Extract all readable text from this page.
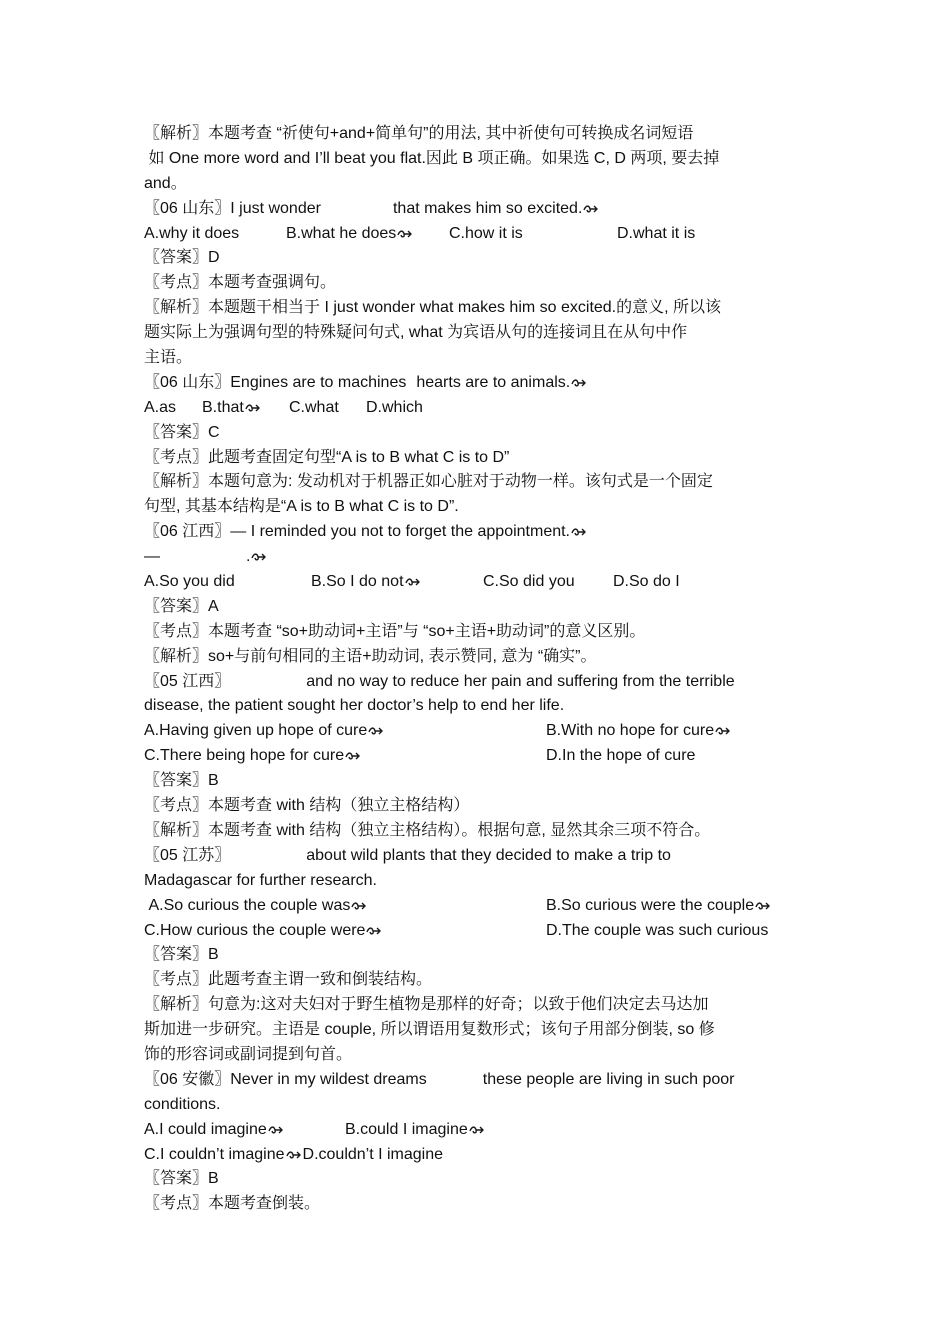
〖解析〗本题考查 “祈使句+and+简单句”的用法, 其中祈使句可转换成名词短语
如 One more word and I’ll beat you flat.因此 B 项正确。如果选 C, D 两项, 要去掉
and。
〖06 山东〗I just wonder	that makes him so excited.
A.why it does	B.what he does	C.how it is	D.what it is
〖答案〗D
〖考点〗本题考查强调句。
〖解析〗本题题干相当于 I just wonder what makes him so excited.的意义, 所以该
题实际上为强调句型的特殊疑问句式, what 为宾语从句的连接词且在从句中作
主语。
〖06 山东〗Engines are to machines hearts are to animals.
A.as	B.that	C.what	D.which
〖答案〗C
〖考点〗此题考查固定句型“A is to B what C is to D”
〖解析〗本题句意为: 发动机对于机器正如心脏对于动物一样。该句式是一个固定
句型, 其基本结构是“A is to B what C is to D”.
〖06 江西〗— I reminded you not to forget the appointment.
—	.
A.So you did	B.So I do not	C.So did you	D.So do I
〖答案〗A
〖考点〗本题考查 “so+助动词+主语”与 “so+主语+助动词”的意义区别。
〖解析〗so+与前句相同的主语+助动词, 表示赞同, 意为 “确实”。
〖05 江西〗	and no way to reduce her pain and suffering from the terrible
disease, the patient sought her doctor’s help to end her life.
A.Having given up hope of cure	B.With no hope for cure
C.There being hope for cure	D.In the hope of cure
〖答案〗B
〖考点〗本题考查 with 结构（独立主格结构）
〖解析〗本题考查 with 结构（独立主格结构）。根据句意, 显然其余三项不符合。
〖05 江苏〗	about wild plants that they decided to make a trip to
Madagascar for further research.
A.So curious the couple was	B.So curious were the couple
C.How curious the couple were	D.The couple was such curious
〖答案〗B
〖考点〗此题考查主谓一致和倒装结构。
〖解析〗句意为:这对夫妇对于野生植物是那样的好奇；以致于他们决定去马达加
斯加进一步研究。主语是 couple, 所以谓语用复数形式；该句子用部分倒装, so 修
饰的形容词或副词提到句首。
〖06 安徽〗Never in my wildest dreams	these people are living in such poor
conditions.
A.I could imagine	B.could I imagine
C.I couldn’t imagine D.couldn’t I imagine
〖答案〗B
〖考点〗本题考查倒装。
